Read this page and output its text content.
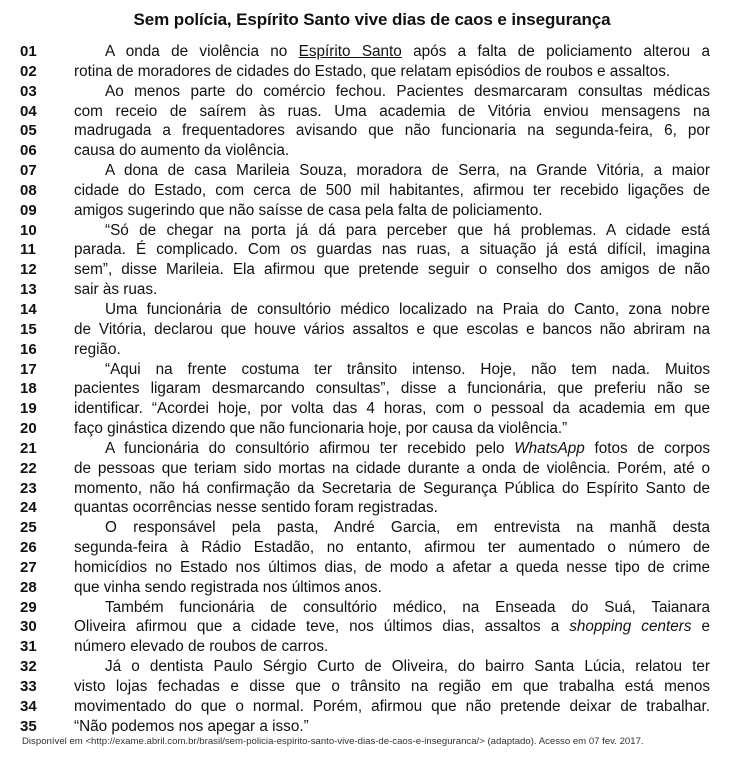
Sem polícia, Espírito Santo vive dias de caos e insegurança
01	A onda de violência no Espírito Santo após a falta de policiamento alterou a
02 rotina de moradores de cidades do Estado, que relatam episódios de roubos e assaltos.
03	Ao menos parte do comércio fechou. Pacientes desmarcaram consultas médicas
04 com receio de saírem às ruas. Uma academia de Vitória enviou mensagens na
05 madrugada a frequentadores avisando que não funcionaria na segunda-feira, 6, por
06 causa do aumento da violência.
07	A dona de casa Marileia Souza, moradora de Serra, na Grande Vitória, a maior
08 cidade do Estado, com cerca de 500 mil habitantes, afirmou ter recebido ligações de
09 amigos sugerindo que não saísse de casa pela falta de policiamento.
10	“Só de chegar na porta já dá para perceber que há problemas. A cidade está
11 parada. É complicado. Com os guardas nas ruas, a situação já está difícil, imagina
12 sem”, disse Marileia. Ela afirmou que pretende seguir o conselho dos amigos de não
13 sair às ruas.
14	Uma funcionária de consultório médico localizado na Praia do Canto, zona nobre
15 de Vitória, declarou que houve vários assaltos e que escolas e bancos não abriram na
16 região.
17	“Aqui na frente costuma ter trânsito intenso. Hoje, não tem nada. Muitos
18 pacientes ligaram desmarcando consultas”, disse a funcionária, que preferiu não se
19 identificar. “Acordei hoje, por volta das 4 horas, com o pessoal da academia em que
20 faço ginástica dizendo que não funcionaria hoje, por causa da violência.”
21	A funcionária do consultório afirmou ter recebido pelo WhatsApp fotos de corpos
22 de pessoas que teriam sido mortas na cidade durante a onda de violência. Porém, até o
23 momento, não há confirmação da Secretaria de Segurança Pública do Espírito Santo de
24 quantas ocorrências nesse sentido foram registradas.
25	O responsável pela pasta, André Garcia, em entrevista na manhã desta
26 segunda-feira à Rádio Estadão, no entanto, afirmou ter aumentado o número de
27 homicídios no Estado nos últimos dias, de modo a afetar a queda nesse tipo de crime
28 que vinha sendo registrada nos últimos anos.
29	Também funcionária de consultório médico, na Enseada do Suá, Taianara
30 Oliveira afirmou que a cidade teve, nos últimos dias, assaltos a shopping centers e
31 número elevado de roubos de carros.
32	Já o dentista Paulo Sérgio Curto de Oliveira, do bairro Santa Lúcia, relatou ter
33 visto lojas fechadas e disse que o trânsito na região em que trabalha está menos
34 movimentado do que o normal. Porém, afirmou que não pretende deixar de trabalhar.
35 “Não podemos nos apegar a isso.”
Disponível em <http://exame.abril.com.br/brasil/sem-policia-espirito-santo-vive-dias-de-caos-e-inseguranca/> (adaptado). Acesso em 07 fev. 2017.
